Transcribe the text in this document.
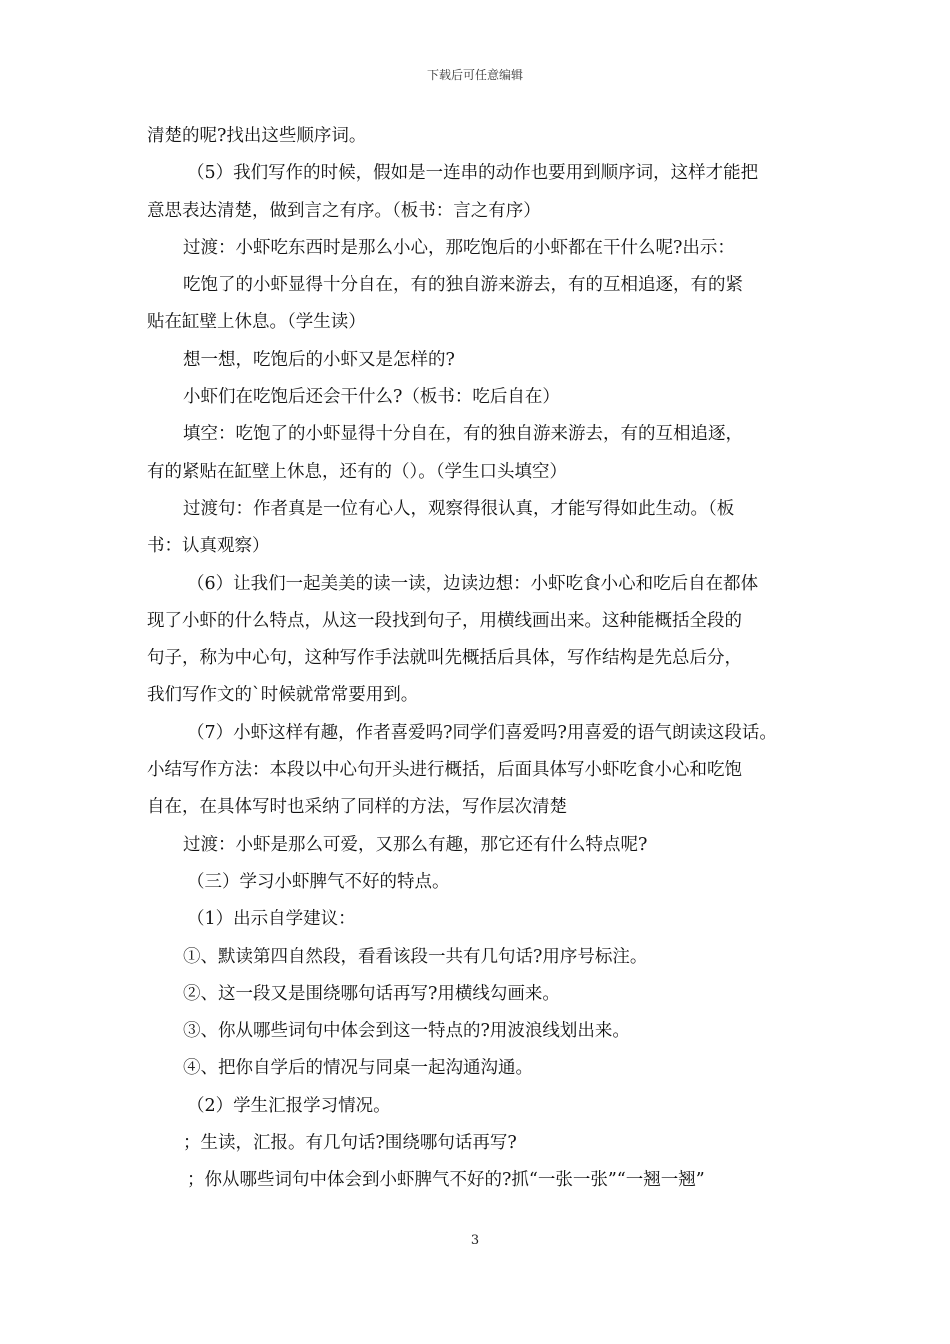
下载后可任意编辑
清楚的呢?找出这些顺序词。
（5）我们写作的时候，假如是一连串的动作也要用到顺序词，这样才能把
意思表达清楚，做到言之有序。（板书：言之有序）
过渡：小虾吃东西时是那么小心，那吃饱后的小虾都在干什么呢?出示：
吃饱了的小虾显得十分自在，有的独自游来游去，有的互相追逐，有的紧
贴在缸壁上休息。（学生读）
想一想，吃饱后的小虾又是怎样的?
小虾们在吃饱后还会干什么?（板书：吃后自在）
填空：吃饱了的小虾显得十分自在，有的独自游来游去，有的互相追逐，
有的紧贴在缸壁上休息，还有的（）。（学生口头填空）
过渡句：作者真是一位有心人，观察得很认真，才能写得如此生动。（板
书：认真观察）
（6）让我们一起美美的读一读，边读边想：小虾吃食小心和吃后自在都体
现了小虾的什么特点，从这一段找到句子，用横线画出来。这种能概括全段的
句子，称为中心句，这种写作手法就叫先概括后具体，写作结构是先总后分，
我们写作文的`时候就常常要用到。
（7）小虾这样有趣，作者喜爱吗?同学们喜爱吗?用喜爱的语气朗读这段话。
小结写作方法：本段以中心句开头进行概括，后面具体写小虾吃食小心和吃饱
自在，在具体写时也采纳了同样的方法，写作层次清楚
过渡：小虾是那么可爱，又那么有趣，那它还有什么特点呢?
（三）学习小虾脾气不好的特点。
（1）出示自学建议：
①、默读第四自然段，看看该段一共有几句话?用序号标注。
②、这一段又是围绕哪句话再写?用横线勾画来。
③、你从哪些词句中体会到这一特点的?用波浪线划出来。
④、把你自学后的情况与同桌一起沟通沟通。
（2）学生汇报学习情况。
；生读，汇报。有几句话?围绕哪句话再写?
；你从哪些词句中体会到小虾脾气不好的?抓“一张一张”“一翘一翘”
3
